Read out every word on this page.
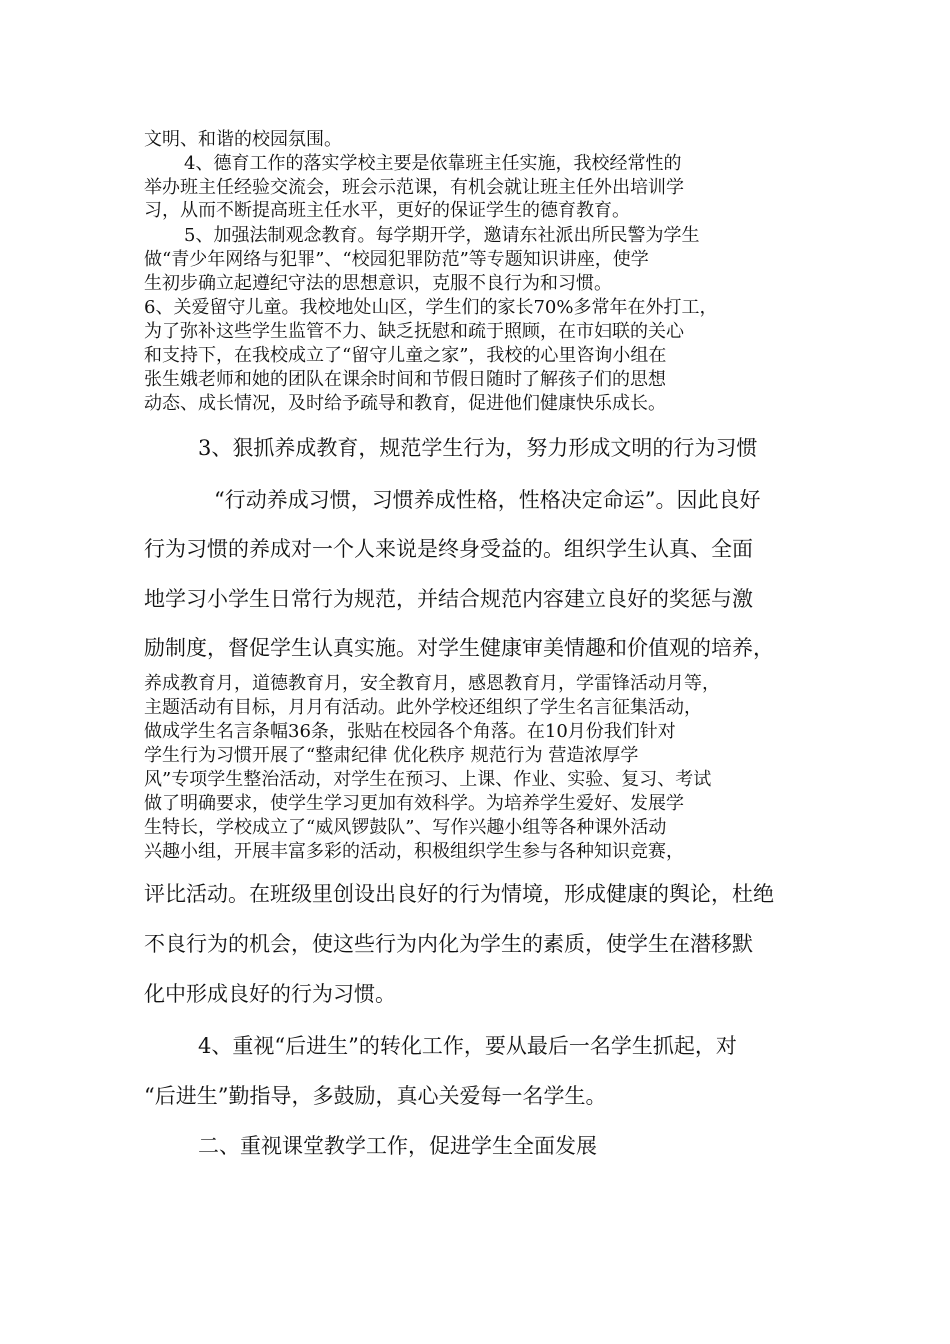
文明、和谐的校园氛围。
4、德育工作的落实学校主要是依靠班主任实施，我校经常性的
举办班主任经验交流会，班会示范课，有机会就让班主任外出培训学
习，从而不断提高班主任水平，更好的保证学生的德育教育。
5、加强法制观念教育。每学期开学，邀请东社派出所民警为学生
做“青少年网络与犯罪”、“校园犯罪防范”等专题知识讲座，使学
生初步确立起遵纪守法的思想意识，克服不良行为和习惯。
6、关爱留守儿童。我校地处山区，学生们的家长70%多常年在外打工，
为了弥补这些学生监管不力、缺乏抚慰和疏于照顾，在市妇联的关心
和支持下，在我校成立了“留守儿童之家”，我校的心里咨询小组在
张生娥老师和她的团队在课余时间和节假日随时了解孩子们的思想
动态、成长情况，及时给予疏导和教育，促进他们健康快乐成长。
3、狠抓养成教育，规范学生行为，努力形成文明的行为习惯
“行动养成习惯，习惯养成性格，性格决定命运”。因此良好
行为习惯的养成对一个人来说是终身受益的。组织学生认真、全面
地学习小学生日常行为规范，并结合规范内容建立良好的奖惩与激
励制度，督促学生认真实施。对学生健康审美情趣和价值观的培养，
养成教育月，道德教育月，安全教育月，感恩教育月，学雷锋活动月等，
主题活动有目标，月月有活动。此外学校还组织了学生名言征集活动，
做成学生名言条幅36条，张贴在校园各个角落。在10月份我们针对
学生行为习惯开展了“整肃纪律 优化秩序 规范行为 营造浓厚学
风”专项学生整治活动，对学生在预习、上课、作业、实验、复习、考试
做了明确要求，使学生学习更加有效科学。为培养学生爱好、发展学
生特长，学校成立了“威风锣鼓队”、写作兴趣小组等各种课外活动
兴趣小组，开展丰富多彩的活动，积极组织学生参与各种知识竞赛，
评比活动。在班级里创设出良好的行为情境，形成健康的舆论，杜绝
不良行为的机会，使这些行为内化为学生的素质，使学生在潜移默
化中形成良好的行为习惯。
4、重视“后进生”的转化工作，要从最后一名学生抓起，对
“后进生”勤指导，多鼓励，真心关爱每一名学生。
二、重视课堂教学工作，促进学生全面发展
